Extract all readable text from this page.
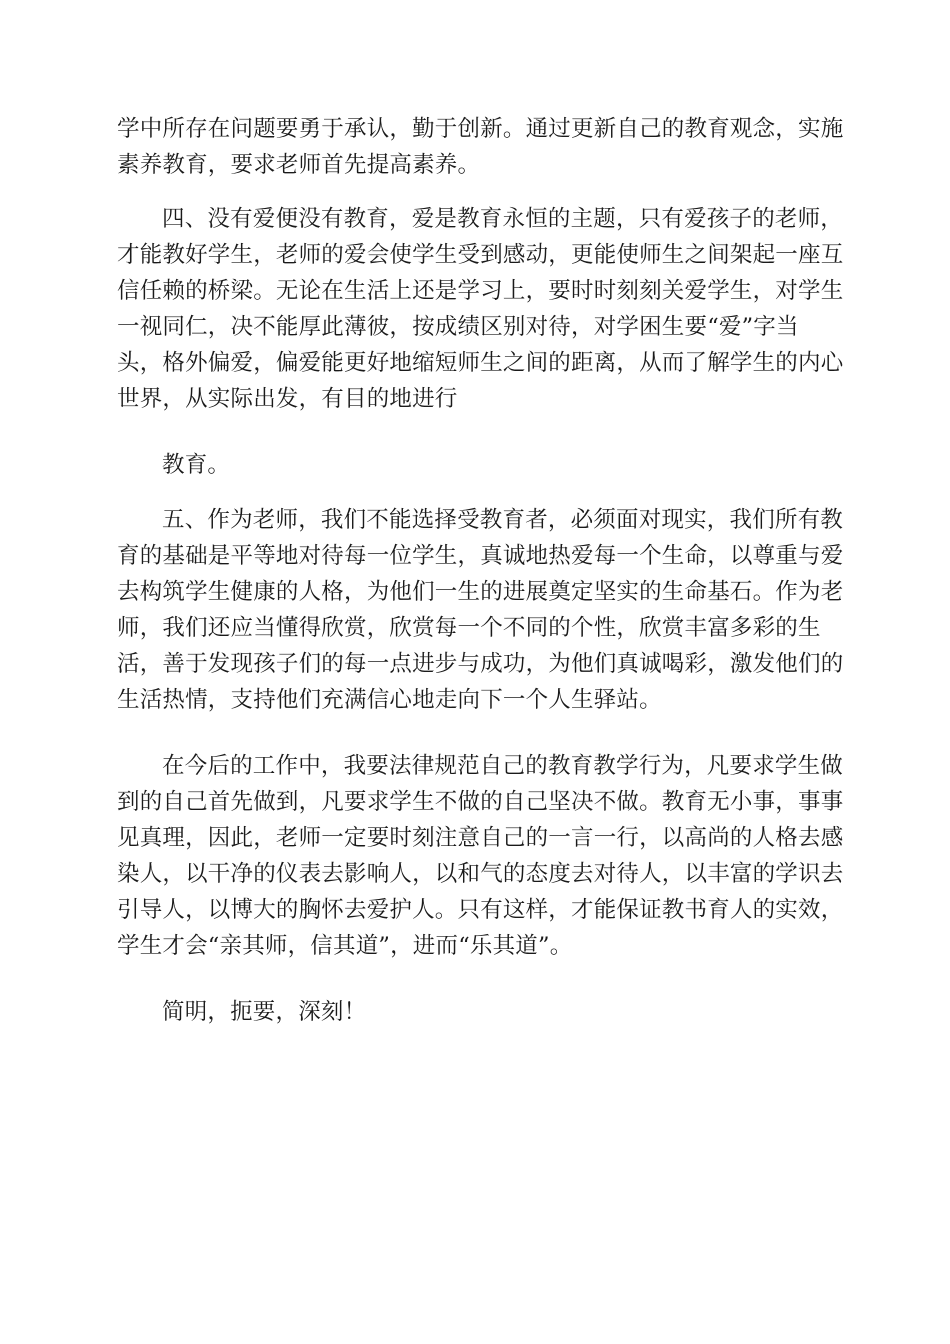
学中所存在问题要勇于承认，勤于创新。通过更新自己的教育观念，实施
素养教育，要求老师首先提高素养。
四、没有爱便没有教育，爱是教育永恒的主题，只有爱孩子的老师，
才能教好学生，老师的爱会使学生受到感动，更能使师生之间架起一座互
信任赖的桥梁。无论在生活上还是学习上，要时时刻刻关爱学生，对学生
一视同仁，决不能厚此薄彼，按成绩区别对待，对学困生要“爱”字当
头，格外偏爱，偏爱能更好地缩短师生之间的距离，从而了解学生的内心
世界，从实际出发，有目的地进行
教育。
五、作为老师，我们不能选择受教育者，必须面对现实，我们所有教
育的基础是平等地对待每一位学生，真诚地热爱每一个生命，以尊重与爱
去构筑学生健康的人格，为他们一生的进展奠定坚实的生命基石。作为老
师，我们还应当懂得欣赏，欣赏每一个不同的个性，欣赏丰富多彩的生
活，善于发现孩子们的每一点进步与成功，为他们真诚喝彩，激发他们的
生活热情，支持他们充满信心地走向下一个人生驿站。
在今后的工作中，我要法律规范自己的教育教学行为，凡要求学生做
到的自己首先做到，凡要求学生不做的自己坚决不做。教育无小事，事事
见真理，因此，老师一定要时刻注意自己的一言一行，以高尚的人格去感
染人，以干净的仪表去影响人，以和气的态度去对待人，以丰富的学识去
引导人，以博大的胸怀去爱护人。只有这样，才能保证教书育人的实效，
学生才会“亲其师，信其道”，进而“乐其道”。
简明，扼要，深刻！
